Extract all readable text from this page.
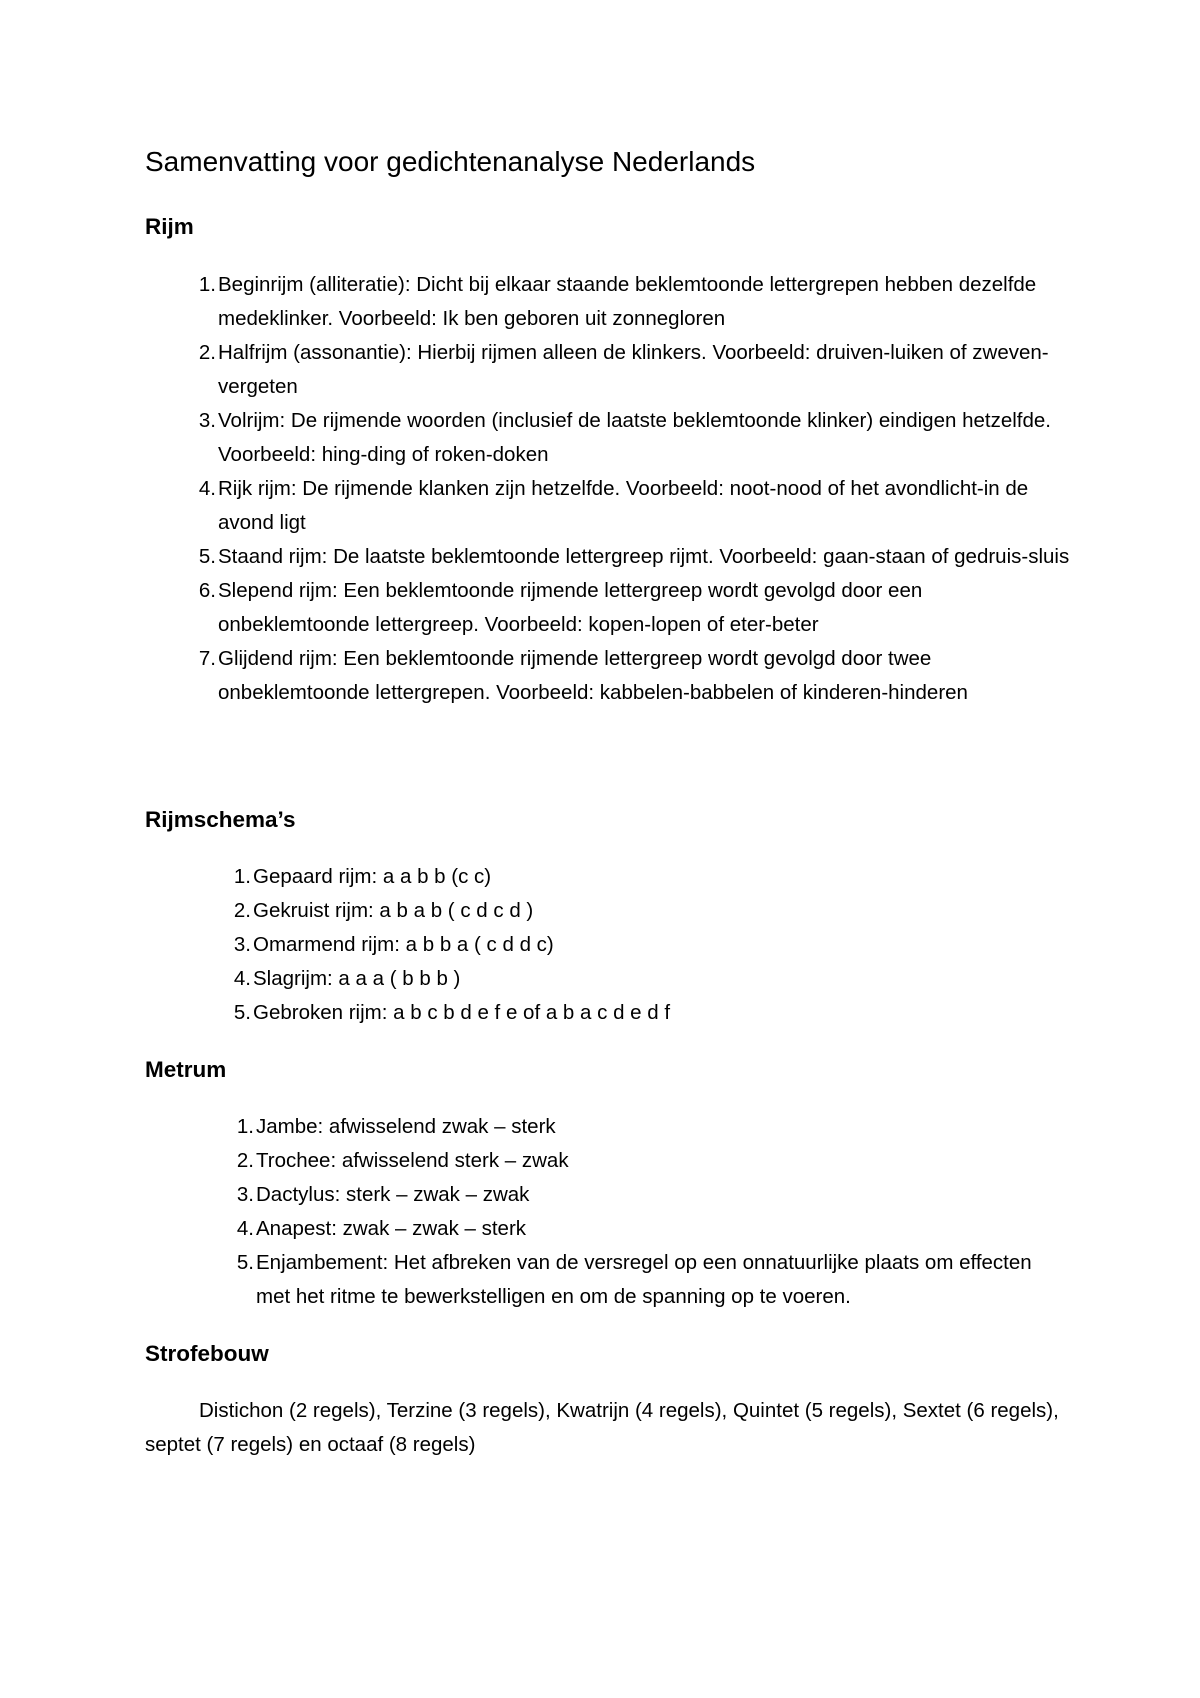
Samenvatting voor gedichtenanalyse Nederlands
Rijm
1. Beginrijm (alliteratie): Dicht bij elkaar staande beklemtoonde lettergrepen hebben dezelfde medeklinker. Voorbeeld: Ik ben geboren uit zonnegloren
2. Halfrijm (assonantie): Hierbij rijmen alleen de klinkers. Voorbeeld: druiven-luiken of zweven-vergeten
3. Volrijm: De rijmende woorden (inclusief de laatste beklemtoonde klinker) eindigen hetzelfde. Voorbeeld: hing-ding of roken-doken
4. Rijk rijm: De rijmende klanken zijn hetzelfde. Voorbeeld: noot-nood of het avondlicht-in de avond ligt
5. Staand rijm: De laatste beklemtoonde lettergreep rijmt. Voorbeeld: gaan-staan of gedruis-sluis
6. Slepend rijm: Een beklemtoonde rijmende lettergreep wordt gevolgd door een onbeklemtoonde lettergreep. Voorbeeld: kopen-lopen of eter-beter
7. Glijdend rijm: Een beklemtoonde rijmende lettergreep wordt gevolgd door twee onbeklemtoonde lettergrepen. Voorbeeld: kabbelen-babbelen of kinderen-hinderen
Rijmschema’s
1. Gepaard rijm: a a b b (c c)
2. Gekruist rijm: a b a b ( c d c d )
3. Omarmend rijm: a b b a ( c d d c)
4. Slagrijm: a a a ( b b b )
5. Gebroken rijm: a b c b d e f e of a b a c d e d f
Metrum
1. Jambe: afwisselend zwak – sterk
2. Trochee: afwisselend sterk – zwak
3. Dactylus: sterk – zwak – zwak
4. Anapest: zwak – zwak – sterk
5. Enjambement: Het afbreken van de versregel op een onnatuurlijke plaats om effecten met het ritme te bewerkstelligen en om de spanning op te voeren.
Strofebouw

Distichon (2 regels), Terzine (3 regels), Kwatrijn (4 regels), Quintet (5 regels), Sextet (6 regels), septet (7 regels) en octaaf (8 regels)
